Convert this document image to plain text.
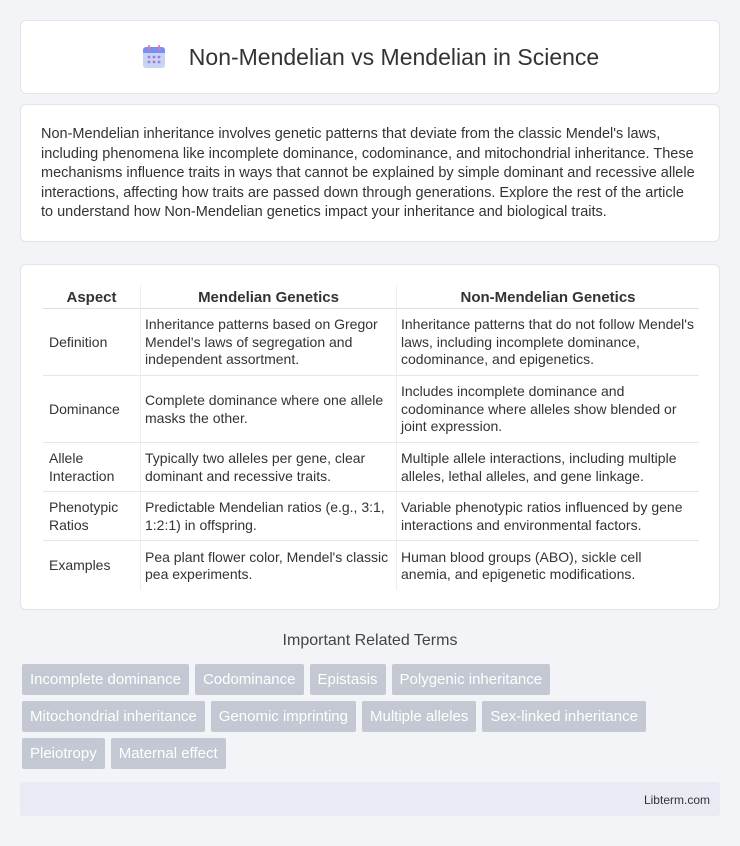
Non-Mendelian vs Mendelian in Science

Non-Mendelian inheritance involves genetic patterns that deviate from the classic Mendel's laws, including phenomena like incomplete dominance, codominance, and mitochondrial inheritance. These mechanisms influence traits in ways that cannot be explained by simple dominant and recessive allele interactions, affecting how traits are passed down through generations. Explore the rest of the article to understand how Non-Mendelian genetics impact your inheritance and biological traits.

Aspect	Mendelian Genetics	Non-Mendelian Genetics
Definition	Inheritance patterns based on Gregor Mendel's laws of segregation and independent assortment.	Inheritance patterns that do not follow Mendel's laws, including incomplete dominance, codominance, and epigenetics.
Dominance	Complete dominance where one allele masks the other.	Includes incomplete dominance and codominance where alleles show blended or joint expression.
Allele Interaction	Typically two alleles per gene, clear dominant and recessive traits.	Multiple allele interactions, including multiple alleles, lethal alleles, and gene linkage.
Phenotypic Ratios	Predictable Mendelian ratios (e.g., 3:1, 1:2:1) in offspring.	Variable phenotypic ratios influenced by gene interactions and environmental factors.
Examples	Pea plant flower color, Mendel's classic pea experiments.	Human blood groups (ABO), sickle cell anemia, and epigenetic modifications.
Important Related Terms
Incomplete dominance	Codominance	Epistasis	Polygenic inheritance
Mitochondrial inheritance	Genomic imprinting	Multiple alleles	Sex-linked inheritance
Pleiotropy	Maternal effect
Libterm.com
